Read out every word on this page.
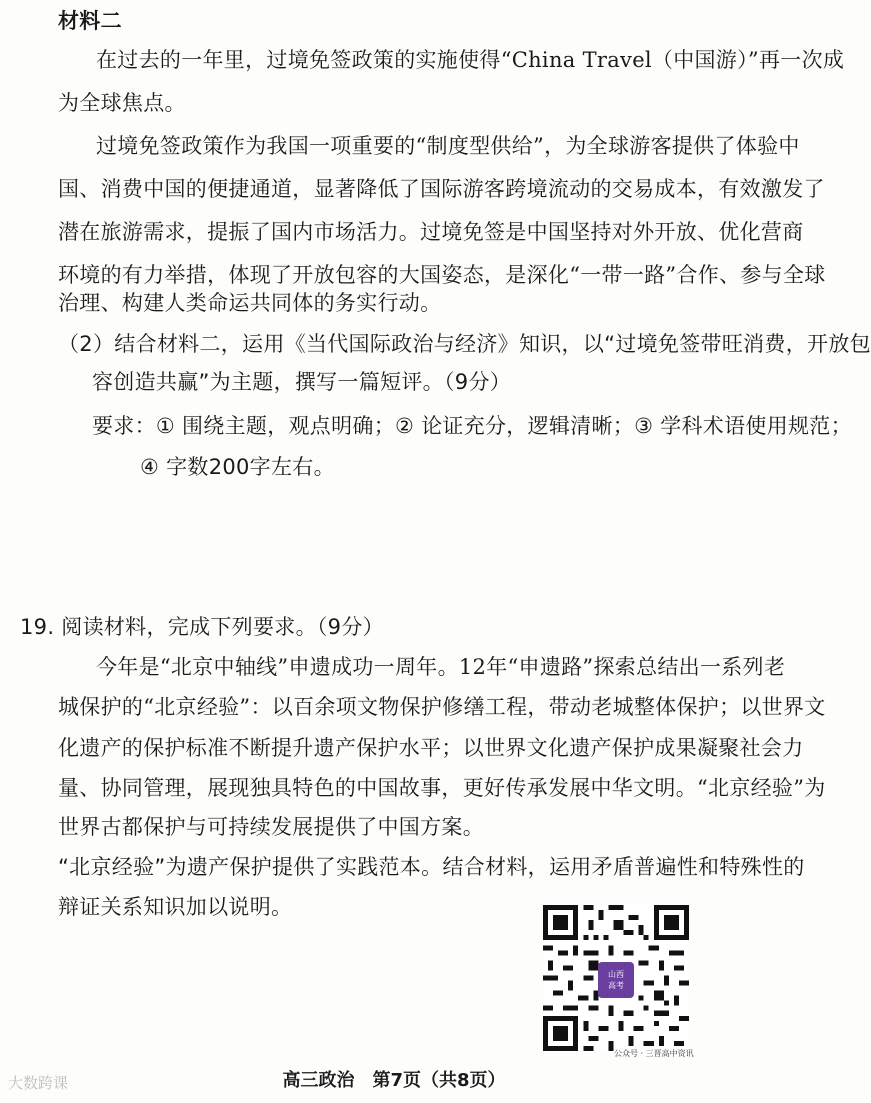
材料二
在过去的一年里，过境免签政策的实施使得“China Travel（中国游）”再一次成
为全球焦点。
过境免签政策作为我国一项重要的“制度型供给”，为全球游客提供了体验中
国、消费中国的便捷通道，显著降低了国际游客跨境流动的交易成本，有效激发了
潜在旅游需求，提振了国内市场活力。过境免签是中国坚持对外开放、优化营商
环境的有力举措，体现了开放包容的大国姿态，是深化“一带一路”合作、参与全球
治理、构建人类命运共同体的务实行动。
（2）结合材料二，运用《当代国际政治与经济》知识，以“过境免签带旺消费，开放包
容创造共赢”为主题，撰写一篇短评。（9分）
要求：① 围绕主题，观点明确；② 论证充分，逻辑清晰；③ 学科术语使用规范；
④ 字数200字左右。
19. 阅读材料，完成下列要求。（9分）
今年是“北京中轴线”申遗成功一周年。12年“申遗路”探索总结出一系列老
城保护的“北京经验”：以百余项文物保护修缮工程，带动老城整体保护；以世界文
化遗产的保护标准不断提升遗产保护水平；以世界文化遗产保护成果凝聚社会力
量、协同管理，展现独具特色的中国故事，更好传承发展中华文明。“北京经验”为
世界古都保护与可持续发展提供了中国方案。
“北京经验”为遗产保护提供了实践范本。结合材料，运用矛盾普遍性和特殊性的
辩证关系知识加以说明。
山西
高考
公众号 · 三晋高中资讯
大数跨课	高三政治　第7页（共8页）
